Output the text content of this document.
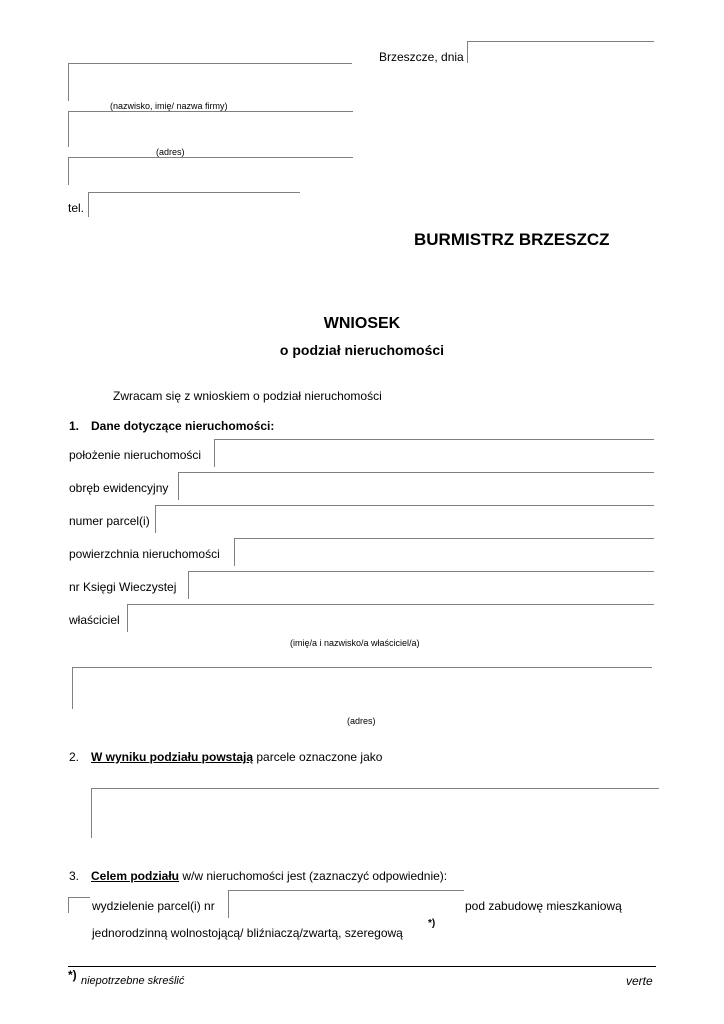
Brzeszcze, dnia
(nazwisko, imię/ nazwa firmy)
(adres)
tel.
BURMISTRZ BRZESZCZ
WNIOSEK
o podział nieruchomości
Zwracam się z wnioskiem o podział nieruchomości
1. Dane dotyczące nieruchomości:
położenie nieruchomości
obręb ewidencyjny
numer parcel(i)
powierzchnia nieruchomości
nr Księgi Wieczystej
właściciel
(imię/a i nazwisko/a właściciel/a)
(adres)
2. W wyniku podziału powstają parcele oznaczone jako
3. Celem podziału w/w nieruchomości jest (zaznaczyć odpowiednie):
wydzielenie parcel(i) nr	pod zabudowę mieszkaniową
jednorodzinną wolnostojącą/ bliźniaczą/zwartą, szeregową
*)
*) niepotrzebne skreślić	verte
